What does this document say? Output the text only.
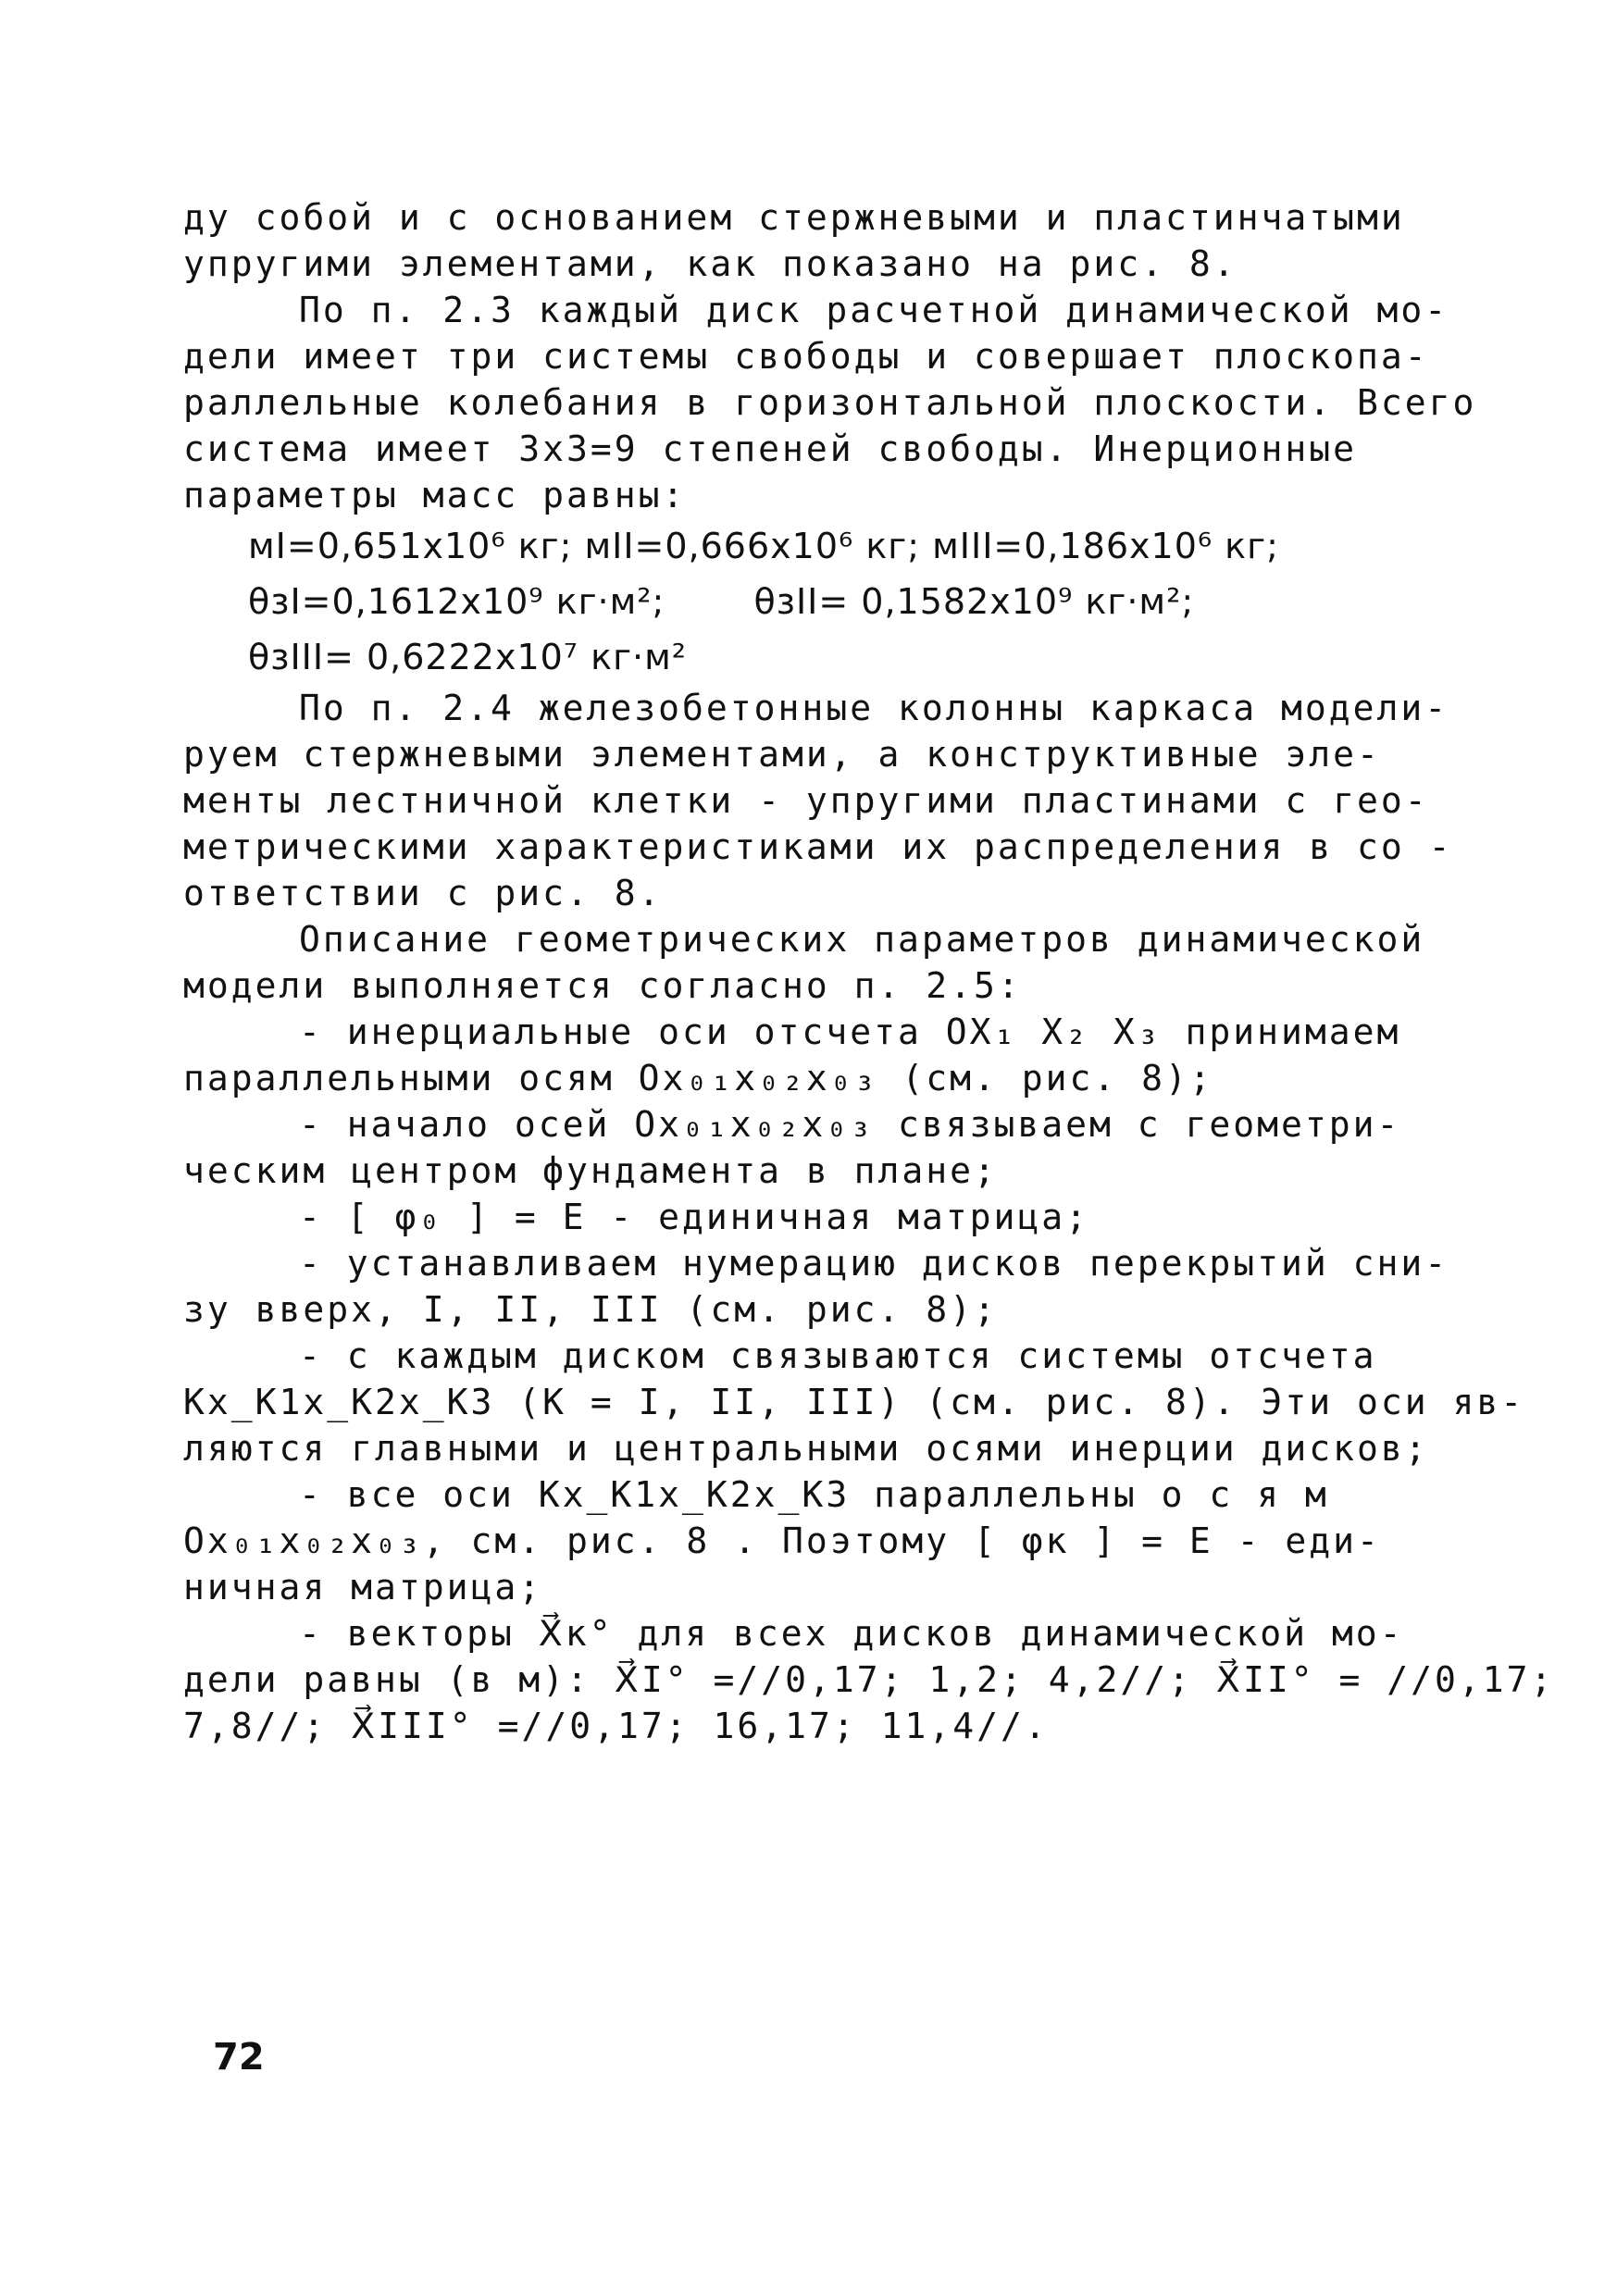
ду собой и с основанием стержневыми и пластинчатыми
упругими элементами, как показано на рис. 8.
По п. 2.3 каждый диск расчетной динамической мо-
дели имеет три системы свободы и совершает плоскопа-
раллельные колебания в горизонтальной плоскости. Всего
система имеет 3х3=9 степеней свободы. Инерционные
параметры масс равны:
мI=0,651х10⁶ кг; мII=0,666х10⁶ кг; мIII=0,186х10⁶ кг;
θзI=0,1612х10⁹ кг·м²;	θзII= 0,1582х10⁹ кг·м²;
θзIII= 0,6222х10⁷ кг·м²
По п. 2.4 железобетонные колонны каркаса модели-
руем стержневыми элементами, а конструктивные эле-
менты лестничной клетки - упругими пластинами с гео-
метрическими характеристиками их распределения в со -
ответствии с рис. 8.
Описание геометрических параметров динамической
модели выполняется согласно п. 2.5:
- инерциальные оси отсчета OX₁ X₂ X₃ принимаем
параллельными осям Ox₀₁x₀₂x₀₃ (см. рис. 8);
- начало осей Ox₀₁x₀₂x₀₃ связываем с геометри-
ческим центром фундамента в плане;
- [ φ₀ ] = E - единичная матрица;
- устанавливаем нумерацию дисков перекрытий сни-
зу вверх, I, II, III (см. рис. 8);
- с каждым диском связываются системы отсчета
Kx_K1x_K2x_K3 (K = I, II, III) (см. рис. 8). Эти оси яв-
ляются главными и центральными осями инерции дисков;
- все оси Kx_K1x_K2x_K3 параллельны о с я м
Ox₀₁x₀₂x₀₃, см. рис. 8 . Поэтому [ φк ] = E - еди-
ничная матрица;
- векторы X⃗к° для всех дисков динамической мо-
дели равны (в м): X⃗I° =//0,17; 1,2; 4,2//; X⃗II° = //0,17;
7,8//; X⃗III° =//0,17; 16,17; 11,4//.
72
